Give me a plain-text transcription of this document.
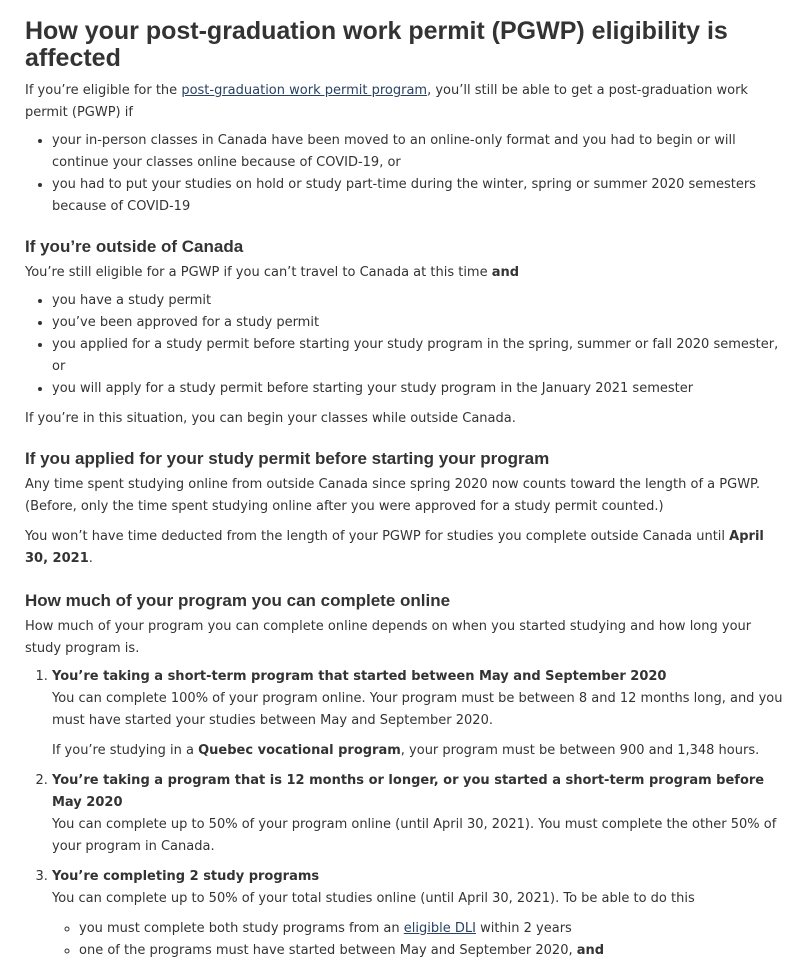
How your post-graduation work permit (PGWP) eligibility is affected

If you’re eligible for the post-graduation work permit program, you’ll still be able to get a post-graduation work permit (PGWP) if

• your in-person classes in Canada have been moved to an online-only format and you had to begin or will continue your classes online because of COVID-19, or
• you had to put your studies on hold or study part-time during the winter, spring or summer 2020 semesters because of COVID-19
If you’re outside of Canada

You’re still eligible for a PGWP if you can’t travel to Canada at this time and

• you have a study permit
• you’ve been approved for a study permit
• you applied for a study permit before starting your study program in the spring, summer or fall 2020 semester, or
• you will apply for a study permit before starting your study program in the January 2021 semester

If you’re in this situation, you can begin your classes while outside Canada.

If you applied for your study permit before starting your program

Any time spent studying online from outside Canada since spring 2020 now counts toward the length of a PGWP. (Before, only the time spent studying online after you were approved for a study permit counted.)

You won’t have time deducted from the length of your PGWP for studies you complete outside Canada until April 30, 2021.

How much of your program you can complete online

How much of your program you can complete online depends on when you started studying and how long your study program is.

1. You’re taking a short-term program that started between May and September 2020
You can complete 100% of your program online. Your program must be between 8 and 12 months long, and you must have started your studies between May and September 2020.

If you’re studying in a Quebec vocational program, your program must be between 900 and 1,348 hours.

2. You’re taking a program that is 12 months or longer, or you started a short-term program before May 2020
You can complete up to 50% of your program online (until April 30, 2021). You must complete the other 50% of your program in Canada.
3. You’re completing 2 study programs
You can complete up to 50% of your total studies online (until April 30, 2021). To be able to do this
◦ you must complete both study programs from an eligible DLI within 2 years
◦ one of the programs must have started between May and September 2020, and
